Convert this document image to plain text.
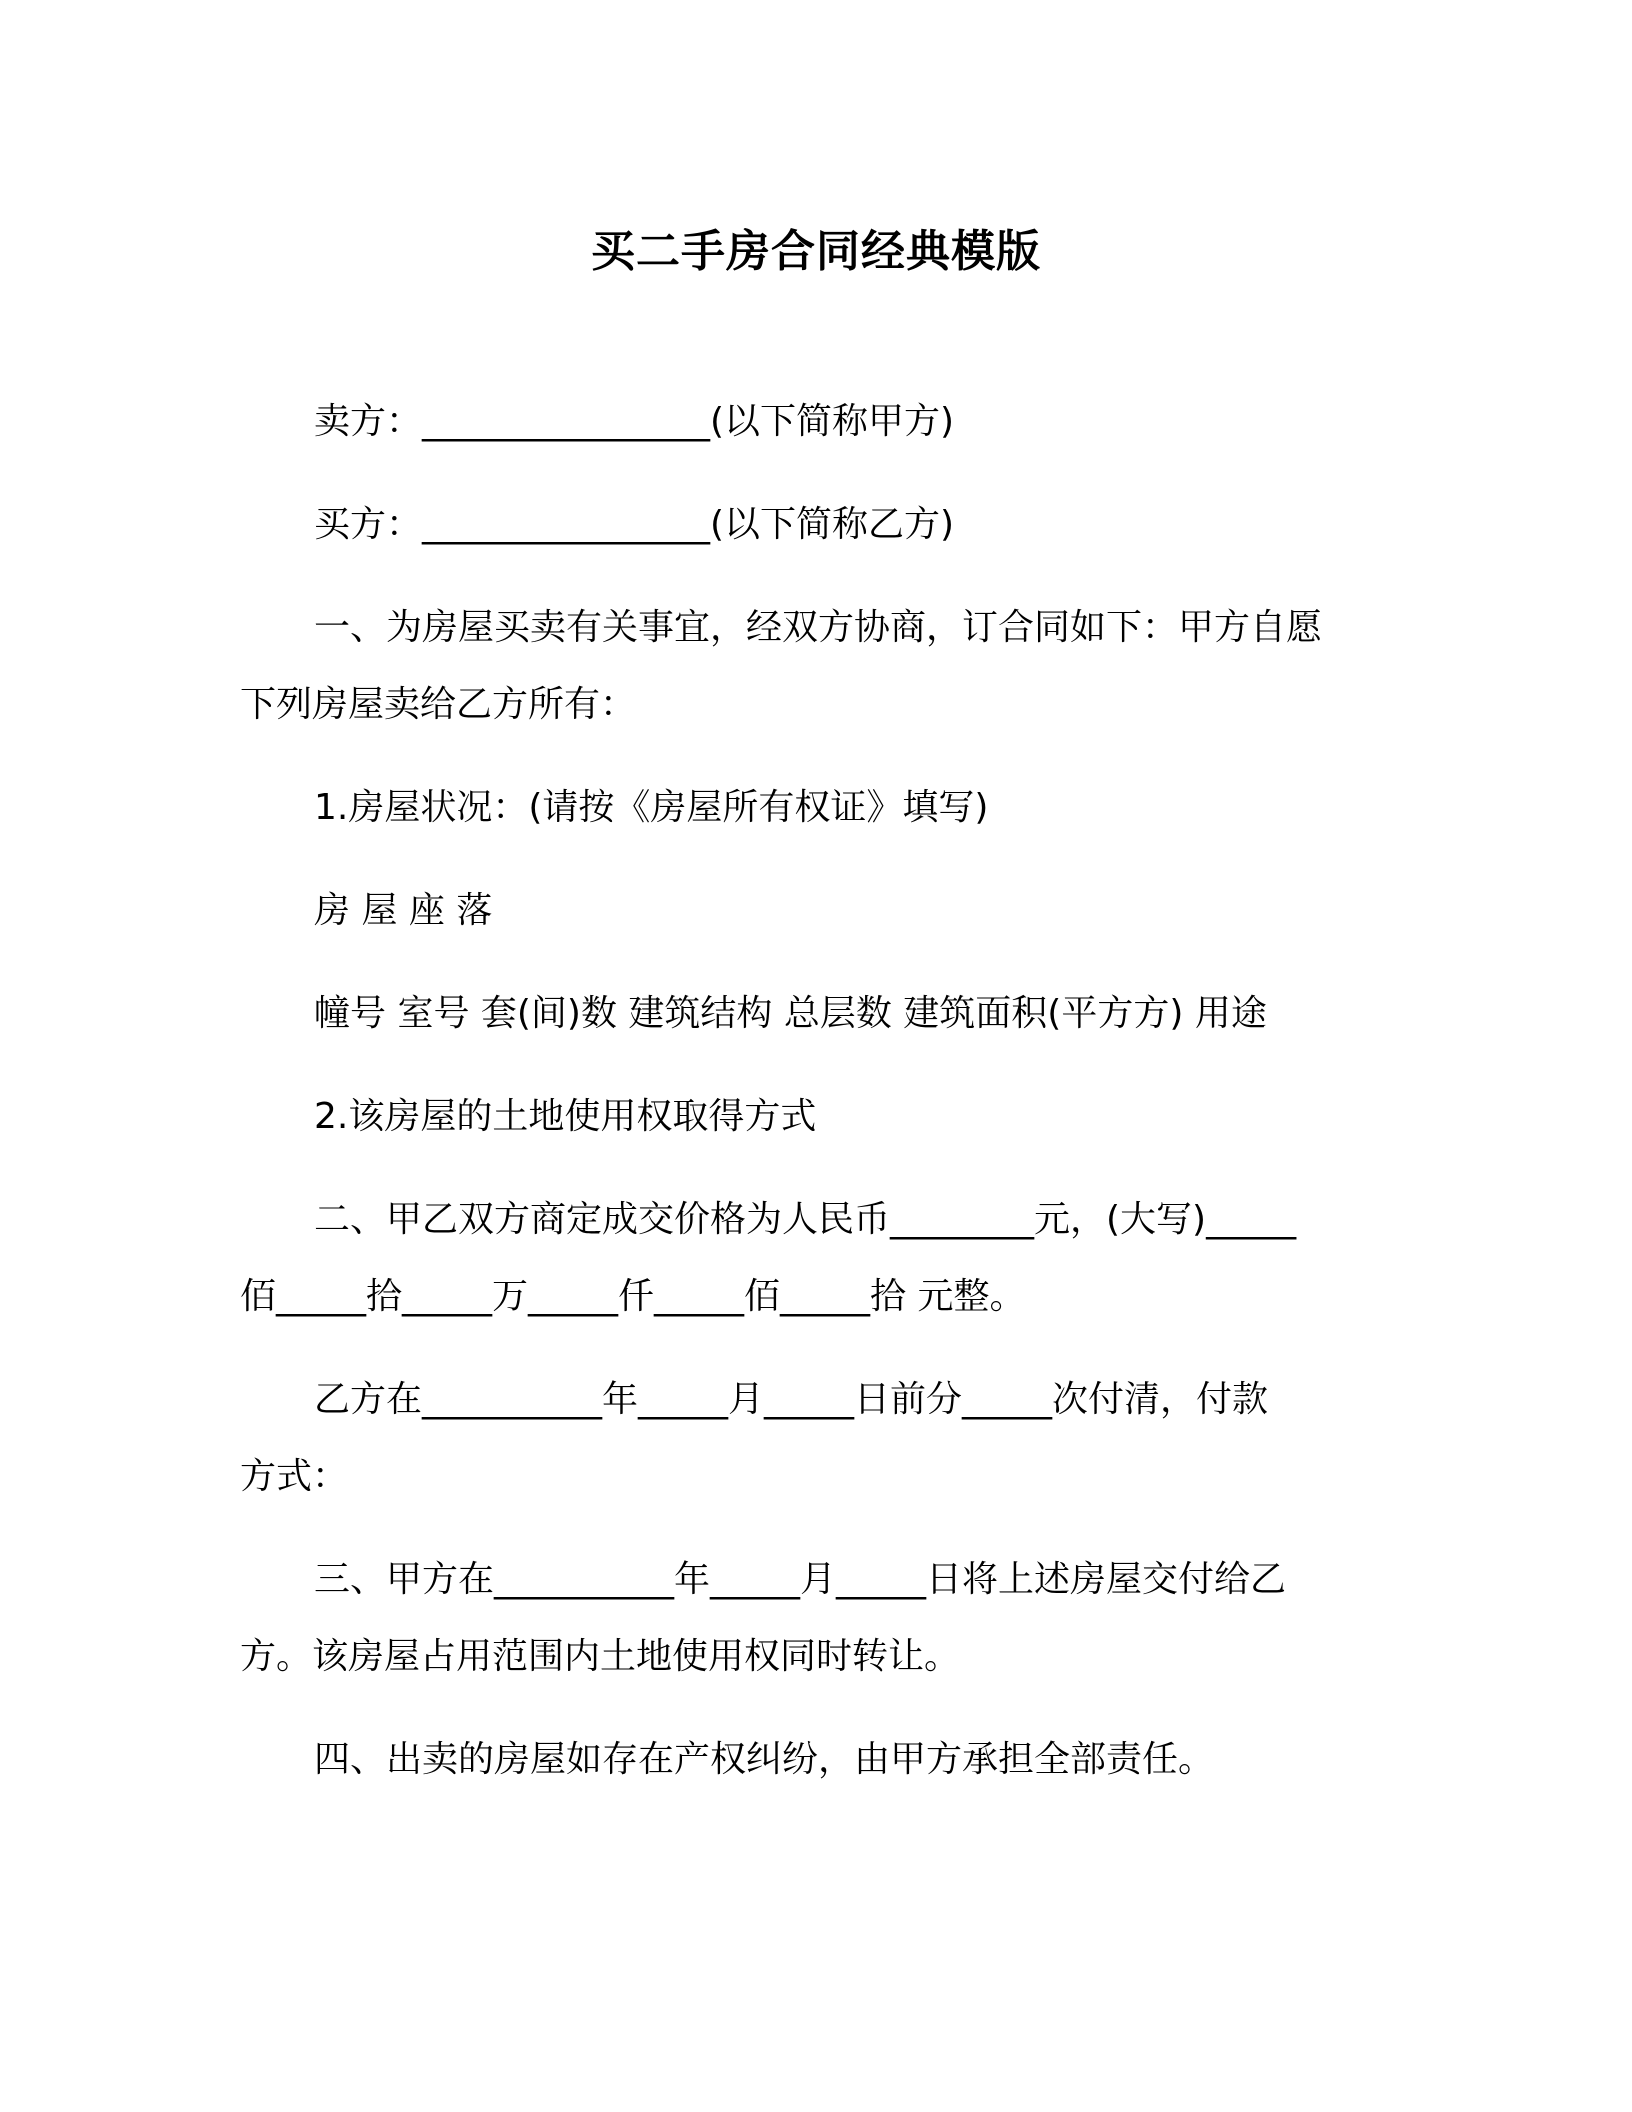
买二手房合同经典模版
卖方：________________(以下简称甲方)
买方：________________(以下简称乙方)
一、为房屋买卖有关事宜，经双方协商，订合同如下：甲方自愿
下列房屋卖给乙方所有：
1.房屋状况：(请按《房屋所有权证》填写)
房 屋 座 落
幢号 室号 套(间)数 建筑结构 总层数 建筑面积(平方方) 用途
2.该房屋的土地使用权取得方式
二、甲乙双方商定成交价格为人民币________元，(大写)_____
佰_____拾_____万_____仟_____佰_____拾 元整。
乙方在__________年_____月_____日前分_____次付清，付款
方式：
三、甲方在__________年_____月_____日将上述房屋交付给乙
方。该房屋占用范围内土地使用权同时转让。
四、出卖的房屋如存在产权纠纷，由甲方承担全部责任。
